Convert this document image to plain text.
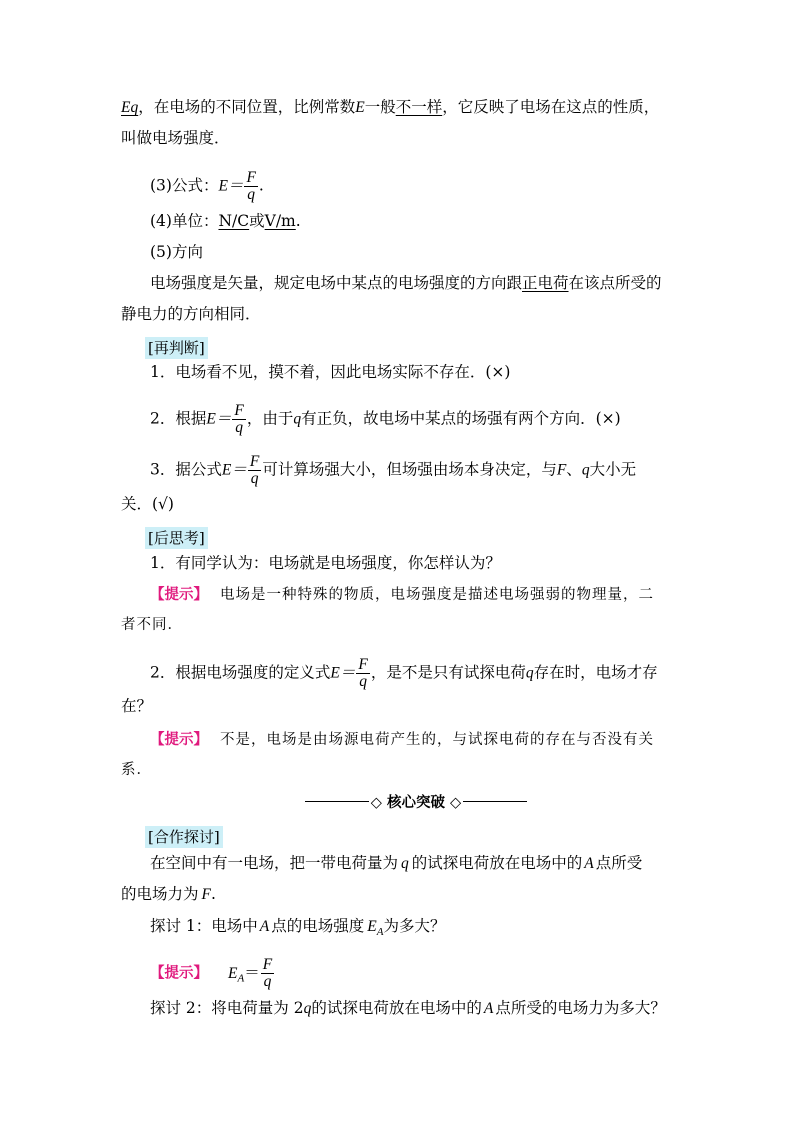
Eq，在电场的不同位置，比例常数E一般不一样，它反映了电场在这点的性质，
叫做电场强度．
(3)公式：$E= \frac{F}{q}$ .
(4)单位：N/C或V/m.
(5)方向
电场强度是矢量，规定电场中某点的电场强度的方向跟正电荷在该点所受的
静电力的方向相同．
[再判断]
1．电场看不见，摸不着，因此电场实际不存在．(×)
2．根据$E= \frac{F}{q}$ ，由于q有正负，故电场中某点的场强有两个方向．(×)
3．据公式$E= \frac{F}{q}$ 可计算场强大小，但场强由场本身决定，与F、q大小无
关．(√)
[后思考]
1．有同学认为：电场就是电场强度，你怎样认为？
【提示】 电场是一种特殊的物质，电场强度是描述电场强弱的物理量，二
者不同．
2．根据电场强度的定义式$E= \frac{F}{q}$ ，是不是只有试探电荷q存在时，电场才存
在？
【提示】 不是，电场是由场源电荷产生的，与试探电荷的存在与否没有关
系．
◇ 核心突破 ◇
[合作探讨]
在空间中有一电场，把一带电荷量为 q 的试探电荷放在电场中的 A 点所受
的电场力为 F.
探讨 1：电场中 A 点的电场强度 $E_A$为多大？
【提示】 $E_A= \frac{F}{q}$
探讨 2：将电荷量为 2q的试探电荷放在电场中的 A 点所受的电场力为多大？
